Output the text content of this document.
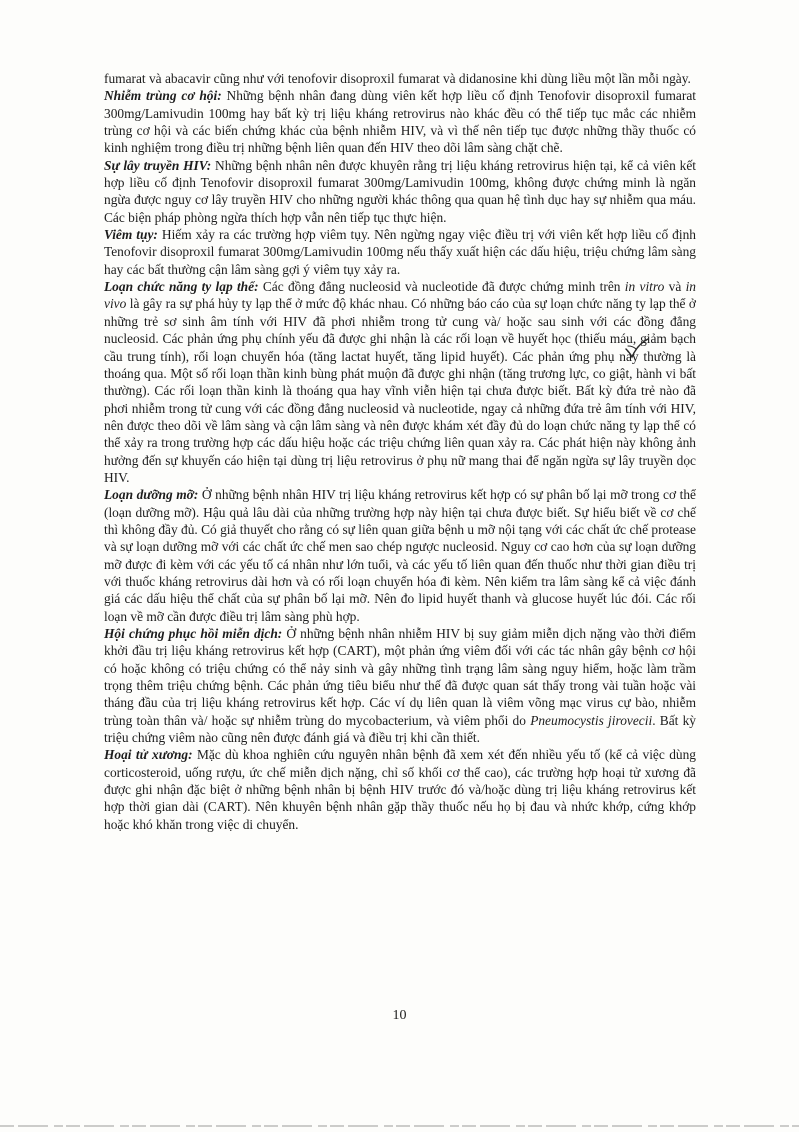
fumarat và abacavir cũng như với tenofovir disoproxil fumarat và didanosine khi dùng liều một lần mỗi ngày.

Nhiễm trùng cơ hội: Những bệnh nhân đang dùng viên kết hợp liều cố định Tenofovir disoproxil fumarat 300mg/Lamivudin 100mg hay bất kỳ trị liệu kháng retrovirus nào khác đều có thể tiếp tục mắc các nhiễm trùng cơ hội và các biến chứng khác của bệnh nhiễm HIV, và vì thế nên tiếp tục được những thầy thuốc có kinh nghiệm trong điều trị những bệnh liên quan đến HIV theo dõi lâm sàng chặt chẽ.

Sự lây truyền HIV: Những bệnh nhân nên được khuyên rằng trị liệu kháng retrovirus hiện tại, kể cả viên kết hợp liều cố định Tenofovir disoproxil fumarat 300mg/Lamivudin 100mg, không được chứng minh là ngăn ngừa được nguy cơ lây truyền HIV cho những người khác thông qua quan hệ tình dục hay sự nhiễm qua máu. Các biện pháp phòng ngừa thích hợp vẫn nên tiếp tục thực hiện.

Viêm tụy: Hiếm xảy ra các trường hợp viêm tụy. Nên ngừng ngay việc điều trị với viên kết hợp liều cố định Tenofovir disoproxil fumarat 300mg/Lamivudin 100mg nếu thấy xuất hiện các dấu hiệu, triệu chứng lâm sàng hay các bất thường cận lâm sàng gợi ý viêm tụy xảy ra.

Loạn chức năng ty lạp thể: Các đồng đẳng nucleosid và nucleotide đã được chứng minh trên in vitro và in vivo là gây ra sự phá hủy ty lạp thể ở mức độ khác nhau. Có những báo cáo của sự loạn chức năng ty lạp thể ở những trẻ sơ sinh âm tính với HIV đã phơi nhiễm trong tử cung và/ hoặc sau sinh với các đồng đẳng nucleosid. Các phản ứng phụ chính yếu đã được ghi nhận là các rối loạn về huyết học (thiếu máu, giảm bạch cầu trung tính), rối loạn chuyển hóa (tăng lactat huyết, tăng lipid huyết). Các phản ứng phụ này thường là thoáng qua. Một số rối loạn thần kinh bùng phát muộn đã được ghi nhận (tăng trương lực, co giật, hành vi bất thường). Các rối loạn thần kinh là thoáng qua hay vĩnh viễn hiện tại chưa được biết. Bất kỳ đứa trẻ nào đã phơi nhiễm trong tử cung với các đồng đẳng nucleosid và nucleotide, ngay cả những đứa trẻ âm tính với HIV, nên được theo dõi về lâm sàng và cận lâm sàng và nên được khám xét đầy đủ do loạn chức năng ty lạp thể có thể xảy ra trong trường hợp các dấu hiệu hoặc các triệu chứng liên quan xảy ra. Các phát hiện này không ảnh hưởng đến sự khuyến cáo hiện tại dùng trị liệu retrovirus ở phụ nữ mang thai để ngăn ngừa sự lây truyền dọc HIV.

Loạn dưỡng mỡ: Ở những bệnh nhân HIV trị liệu kháng retrovirus kết hợp có sự phân bố lại mỡ trong cơ thể (loạn dưỡng mỡ). Hậu quả lâu dài của những trường hợp này hiện tại chưa được biết. Sự hiểu biết về cơ chế thì không đầy đủ. Có giả thuyết cho rằng có sự liên quan giữa bệnh u mỡ nội tạng với các chất ức chế protease và sự loạn dưỡng mỡ với các chất ức chế men sao chép ngược nucleosid. Nguy cơ cao hơn của sự loạn dưỡng mỡ được đi kèm với các yếu tố cá nhân như lớn tuổi, và các yếu tố liên quan đến thuốc như thời gian điều trị với thuốc kháng retrovirus dài hơn và có rối loạn chuyển hóa đi kèm. Nên kiểm tra lâm sàng kể cả việc đánh giá các dấu hiệu thể chất của sự phân bố lại mỡ. Nên đo lipid huyết thanh và glucose huyết lúc đói. Các rối loạn về mỡ cần được điều trị lâm sàng phù hợp.

Hội chứng phục hồi miễn dịch: Ở những bệnh nhân nhiễm HIV bị suy giảm miễn dịch nặng vào thời điểm khởi đầu trị liệu kháng retrovirus kết hợp (CART), một phản ứng viêm đối với các tác nhân gây bệnh cơ hội có hoặc không có triệu chứng có thể nảy sinh và gây những tình trạng lâm sàng nguy hiểm, hoặc làm trầm trọng thêm triệu chứng bệnh. Các phản ứng tiêu biểu như thế đã được quan sát thấy trong vài tuần hoặc vài tháng đầu của trị liệu kháng retrovirus kết hợp. Các ví dụ liên quan là viêm võng mạc virus cự bào, nhiễm trùng toàn thân và/ hoặc sự nhiễm trùng do mycobacterium, và viêm phổi do Pneumocystis jirovecii. Bất kỳ triệu chứng viêm nào cũng nên được đánh giá và điều trị khi cần thiết.

Hoại tử xương: Mặc dù khoa nghiên cứu nguyên nhân bệnh đã xem xét đến nhiều yếu tố (kể cả việc dùng corticosteroid, uống rượu, ức chế miễn dịch nặng, chỉ số khối cơ thể cao), các trường hợp hoại tử xương đã được ghi nhận đặc biệt ở những bệnh nhân bị bệnh HIV trước đó và/hoặc dùng trị liệu kháng retrovirus kết hợp thời gian dài (CART). Nên khuyên bệnh nhân gặp thầy thuốc nếu họ bị đau và nhức khớp, cứng khớp hoặc khó khăn trong việc di chuyển.

10
